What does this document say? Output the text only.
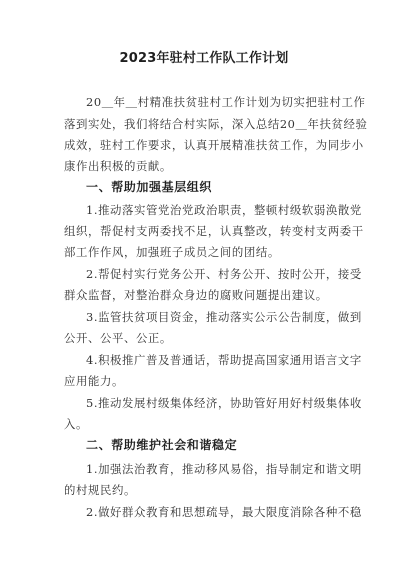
2023年驻村工作队工作计划
20＿年＿村精准扶贫驻村工作计划为切实把驻村工作
落到实处，我们将结合村实际，深入总结20＿年扶贫经验
成效，驻村工作要求，认真开展精准扶贫工作，为同步小
康作出积极的贡献。
一、帮助加强基层组织
1.推动落实管党治党政治职责，整顿村级软弱涣散党
组织，帮促村支两委找不足，认真整改，转变村支两委干
部工作作风，加强班子成员之间的团结。
2.帮促村实行党务公开、村务公开、按时公开，接受
群众监督，对整治群众身边的腐败问题提出建议。
3.监管扶贫项目资金，推动落实公示公告制度，做到
公开、公平、公正。
4.积极推广普及普通话，帮助提高国家通用语言文字
应用能力。
5.推动发展村级集体经济，协助管好用好村级集体收
入。
二、帮助维护社会和谐稳定
1.加强法治教育，推动移风易俗，指导制定和谐文明
的村规民约。
2.做好群众教育和思想疏导，最大限度消除各种不稳
